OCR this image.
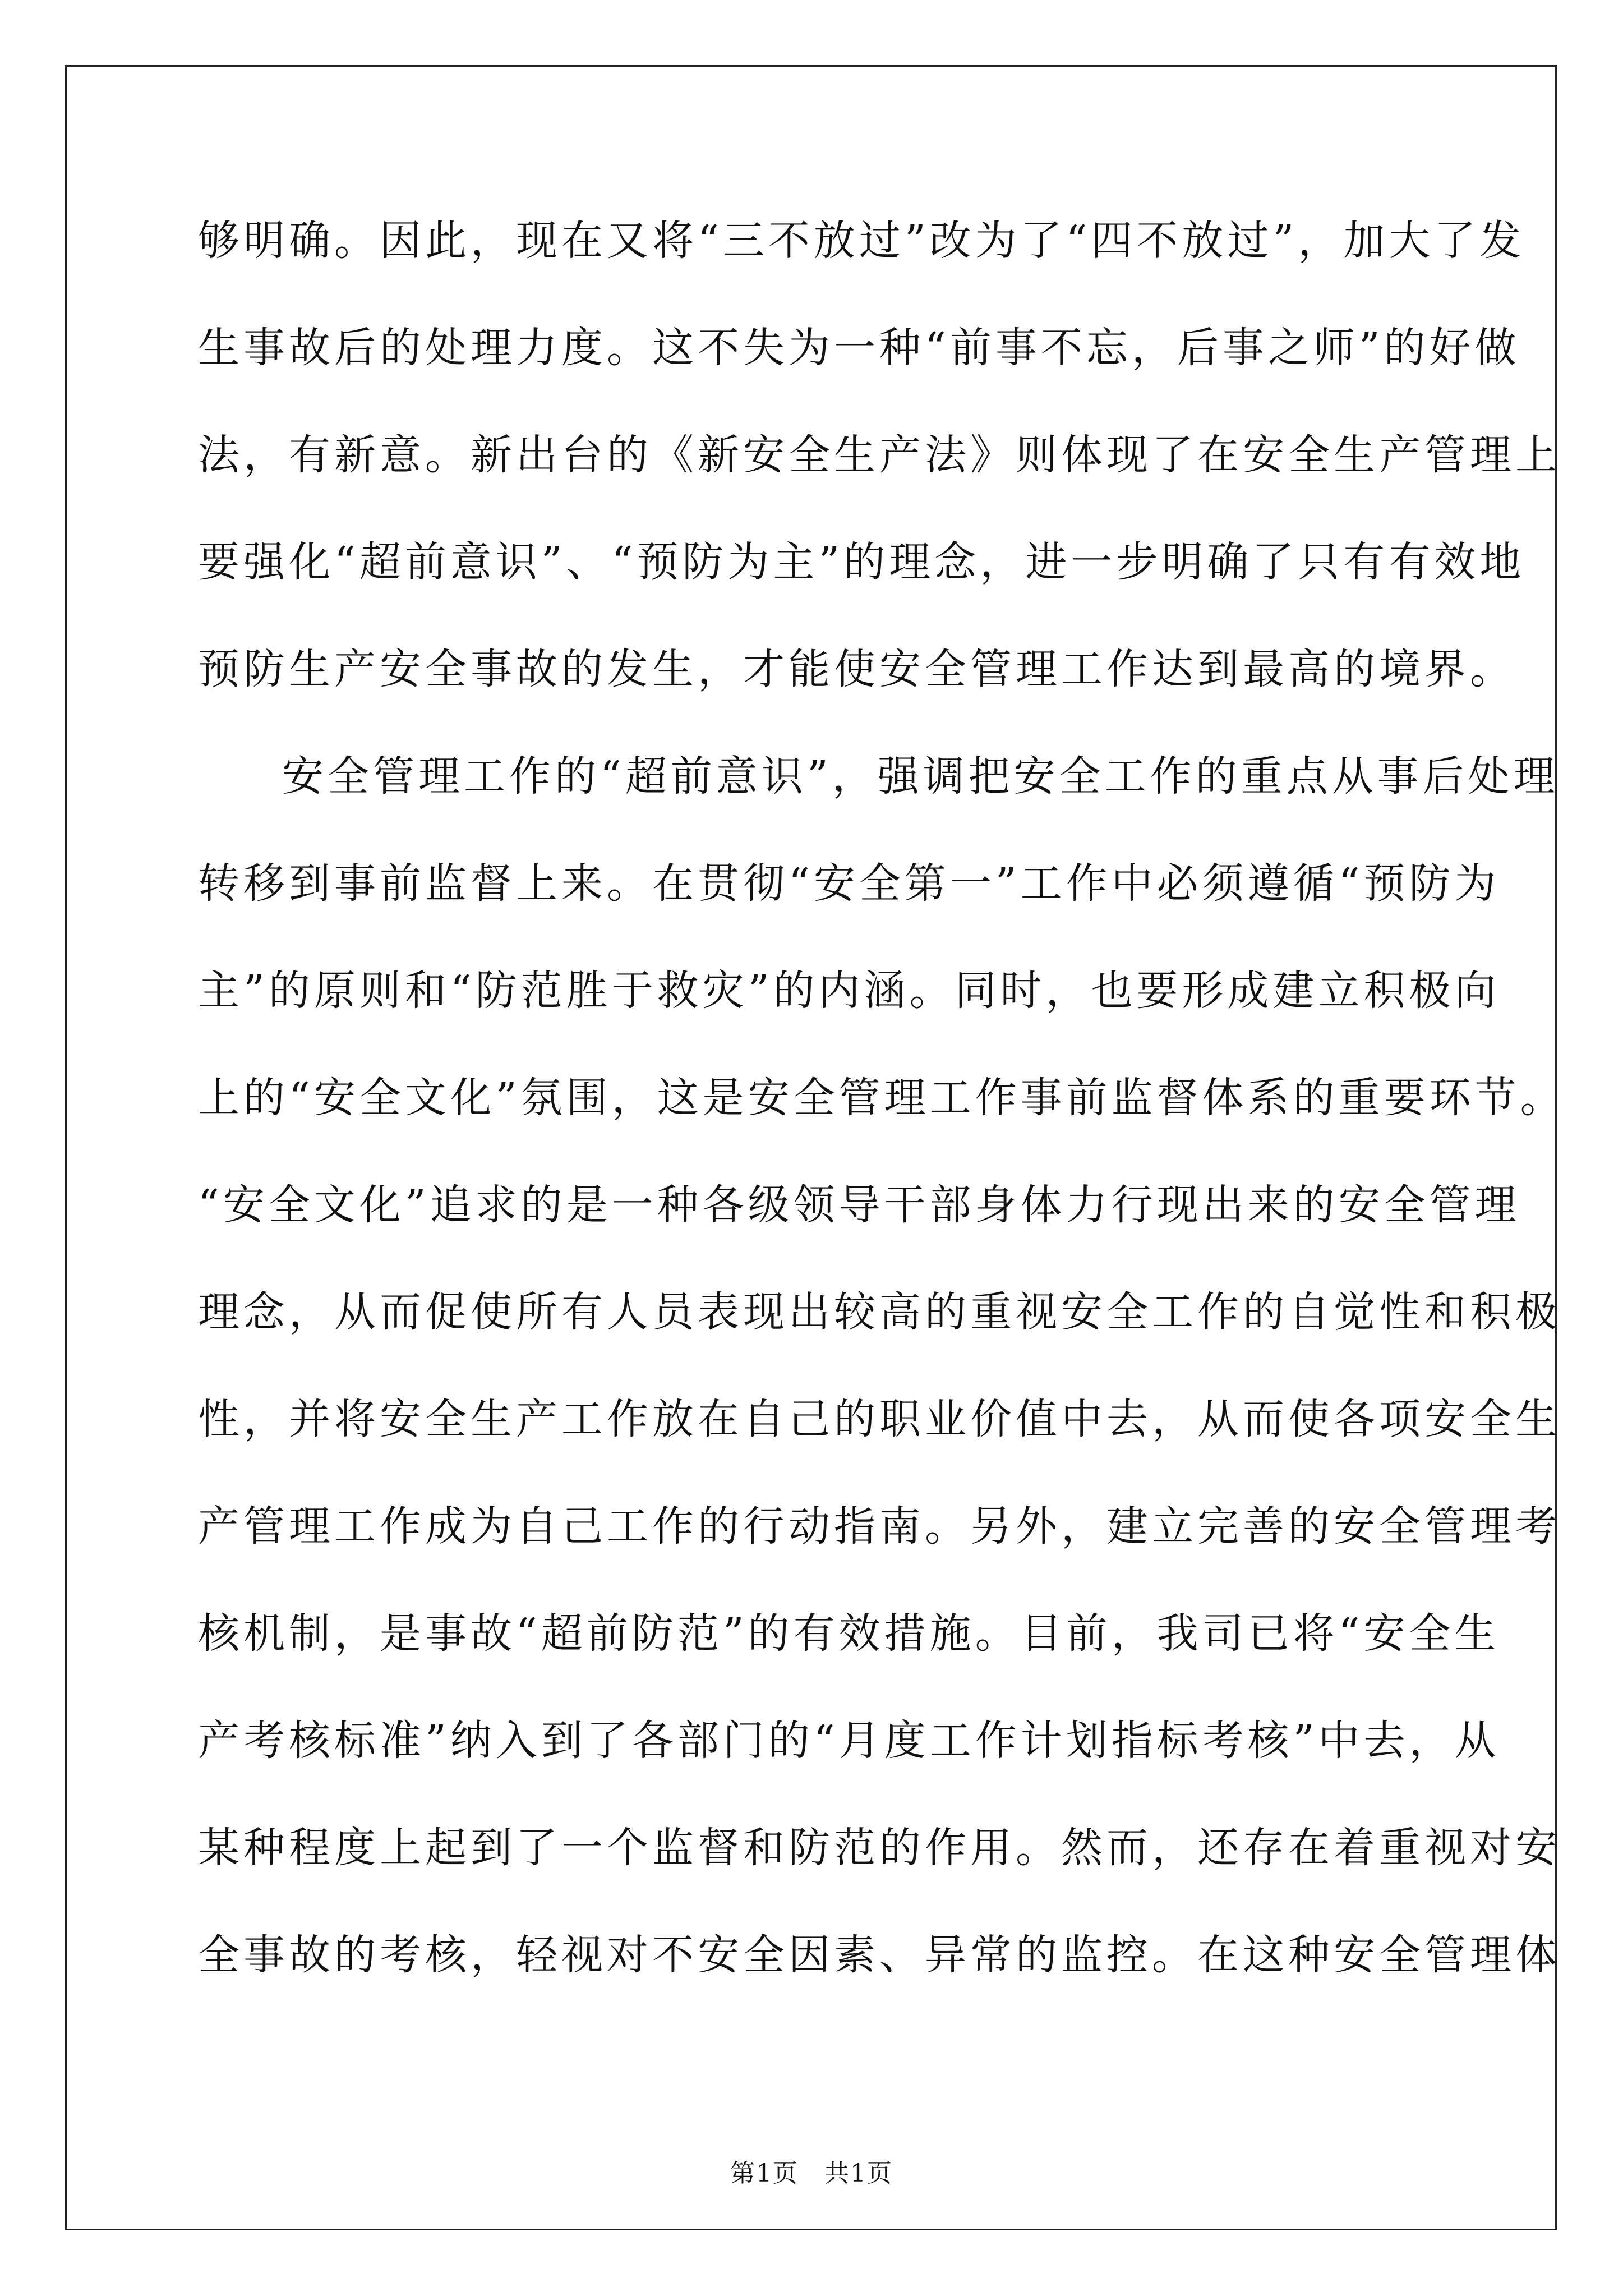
够明确。因此，现在又将“三不放过”改为了“四不放过”，加大了发
生事故后的处理力度。这不失为一种“前事不忘，后事之师”的好做
法，有新意。新出台的《新安全生产法》则体现了在安全生产管理上
要强化“超前意识”、“预防为主”的理念，进一步明确了只有有效地
预防生产安全事故的发生，才能使安全管理工作达到最高的境界。
安全管理工作的“超前意识”，强调把安全工作的重点从事后处理
转移到事前监督上来。在贯彻“安全第一”工作中必须遵循“预防为
主”的原则和“防范胜于救灾”的内涵。同时，也要形成建立积极向
上的“安全文化”氛围，这是安全管理工作事前监督体系的重要环节。
“安全文化”追求的是一种各级领导干部身体力行现出来的安全管理
理念，从而促使所有人员表现出较高的重视安全工作的自觉性和积极
性，并将安全生产工作放在自己的职业价值中去，从而使各项安全生
产管理工作成为自己工作的行动指南。另外，建立完善的安全管理考
核机制，是事故“超前防范”的有效措施。目前，我司已将“安全生
产考核标准”纳入到了各部门的“月度工作计划指标考核”中去，从
某种程度上起到了一个监督和防范的作用。然而，还存在着重视对安
全事故的考核，轻视对不安全因素、异常的监控。在这种安全管理体
第1页　共1页
